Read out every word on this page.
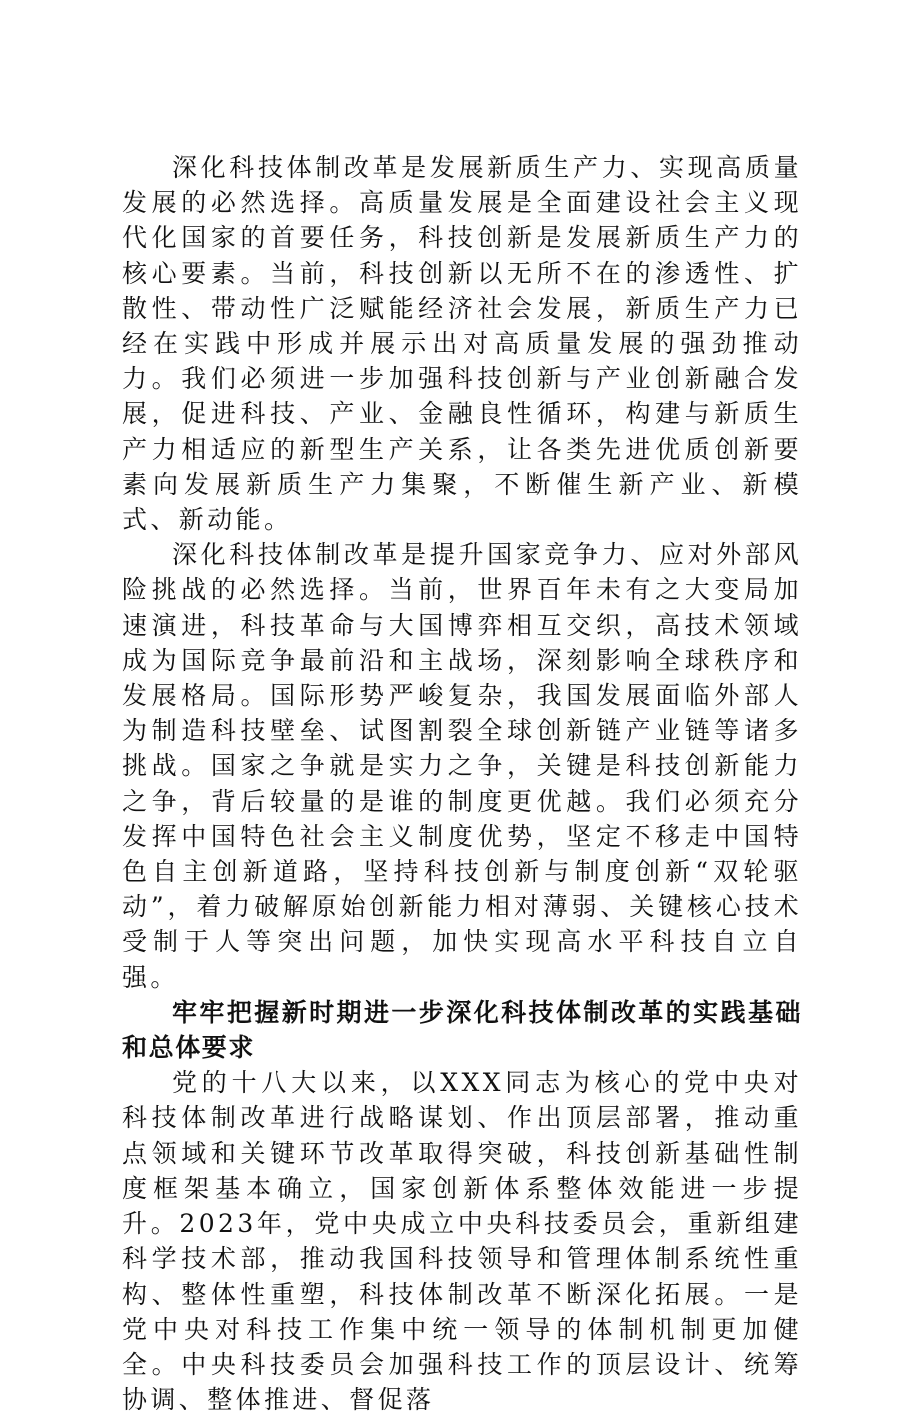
深化科技体制改革是发展新质生产力、实现高质量发展的必然选择。高质量发展是全面建设社会主义现代化国家的首要任务，科技创新是发展新质生产力的核心要素。当前，科技创新以无所不在的渗透性、扩散性、带动性广泛赋能经济社会发展，新质生产力已经在实践中形成并展示出对高质量发展的强劲推动力。我们必须进一步加强科技创新与产业创新融合发展，促进科技、产业、金融良性循环，构建与新质生产力相适应的新型生产关系，让各类先进优质创新要素向发展新质生产力集聚，不断催生新产业、新模式、新动能。

深化科技体制改革是提升国家竞争力、应对外部风险挑战的必然选择。当前，世界百年未有之大变局加速演进，科技革命与大国博弈相互交织，高技术领域成为国际竞争最前沿和主战场，深刻影响全球秩序和发展格局。国际形势严峻复杂，我国发展面临外部人为制造科技壁垒、试图割裂全球创新链产业链等诸多挑战。国家之争就是实力之争，关键是科技创新能力之争，背后较量的是谁的制度更优越。我们必须充分发挥中国特色社会主义制度优势，坚定不移走中国特色自主创新道路，坚持科技创新与制度创新“双轮驱动”，着力破解原始创新能力相对薄弱、关键核心技术受制于人等突出问题，加快实现高水平科技自立自强。

牢牢把握新时期进一步深化科技体制改革的实践基础和总体要求

党的十八大以来，以XXX同志为核心的党中央对科技体制改革进行战略谋划、作出顶层部署，推动重点领域和关键环节改革取得突破，科技创新基础性制度框架基本确立，国家创新体系整体效能进一步提升。2023年，党中央成立中央科技委员会，重新组建科学技术部，推动我国科技领导和管理体制系统性重构、整体性重塑，科技体制改革不断深化拓展。一是党中央对科技工作集中统一领导的体制机制更加健全。中央科技委员会加强科技工作的顶层设计、统筹协调、整体推进、督促落
